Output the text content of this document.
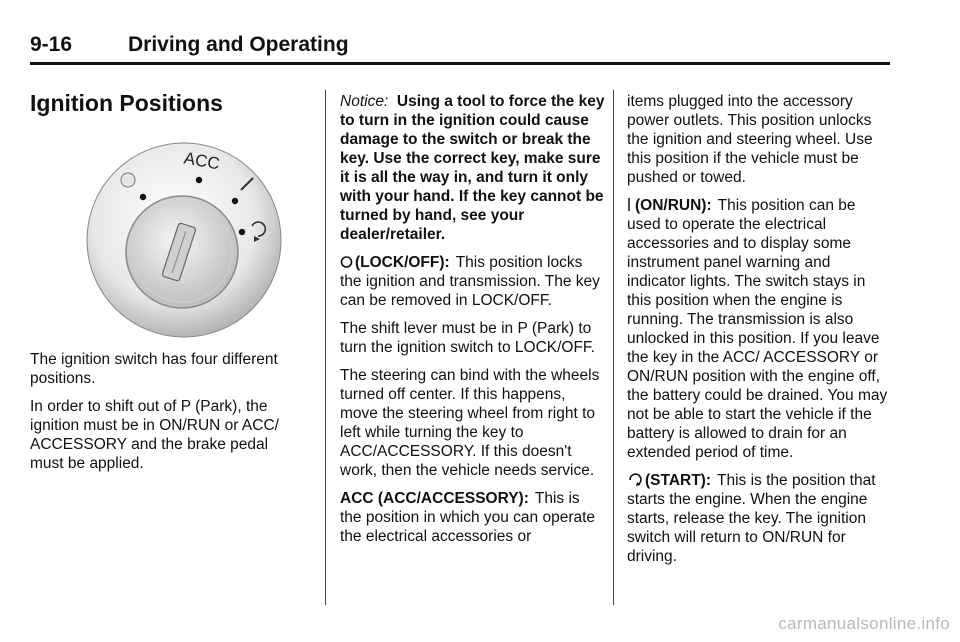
9-16	Driving and Operating
Ignition Positions
ACC

The ignition switch has four different positions.

In order to shift out of P (Park), the ignition must be in ON/RUN or ACC/ ACCESSORY and the brake pedal must be applied.

Notice: Using a tool to force the key to turn in the ignition could cause damage to the switch or break the key. Use the correct key, make sure it is all the way in, and turn it only with your hand. If the key cannot be turned by hand, see your dealer/retailer.

(LOCK/OFF): This position locks the ignition and transmission. The key can be removed in LOCK/OFF.

The shift lever must be in P (Park) to turn the ignition switch to LOCK/OFF.

The steering can bind with the wheels turned off center. If this happens, move the steering wheel from right to left while turning the key to ACC/ACCESSORY. If this doesn't work, then the vehicle needs service.

ACC (ACC/ACCESSORY): This is the position in which you can operate the electrical accessories or

items plugged into the accessory power outlets. This position unlocks the ignition and steering wheel. Use this position if the vehicle must be pushed or towed.

(ON/RUN): This position can be used to operate the electrical accessories and to display some instrument panel warning and indicator lights. The switch stays in this position when the engine is running. The transmission is also unlocked in this position. If you leave the key in the ACC/ ACCESSORY or ON/RUN position with the engine off, the battery could be drained. You may not be able to start the vehicle if the battery is allowed to drain for an extended period of time.

(START): This is the position that starts the engine. When the engine starts, release the key. The ignition switch will return to ON/RUN for driving.

carmanualsonline.info
